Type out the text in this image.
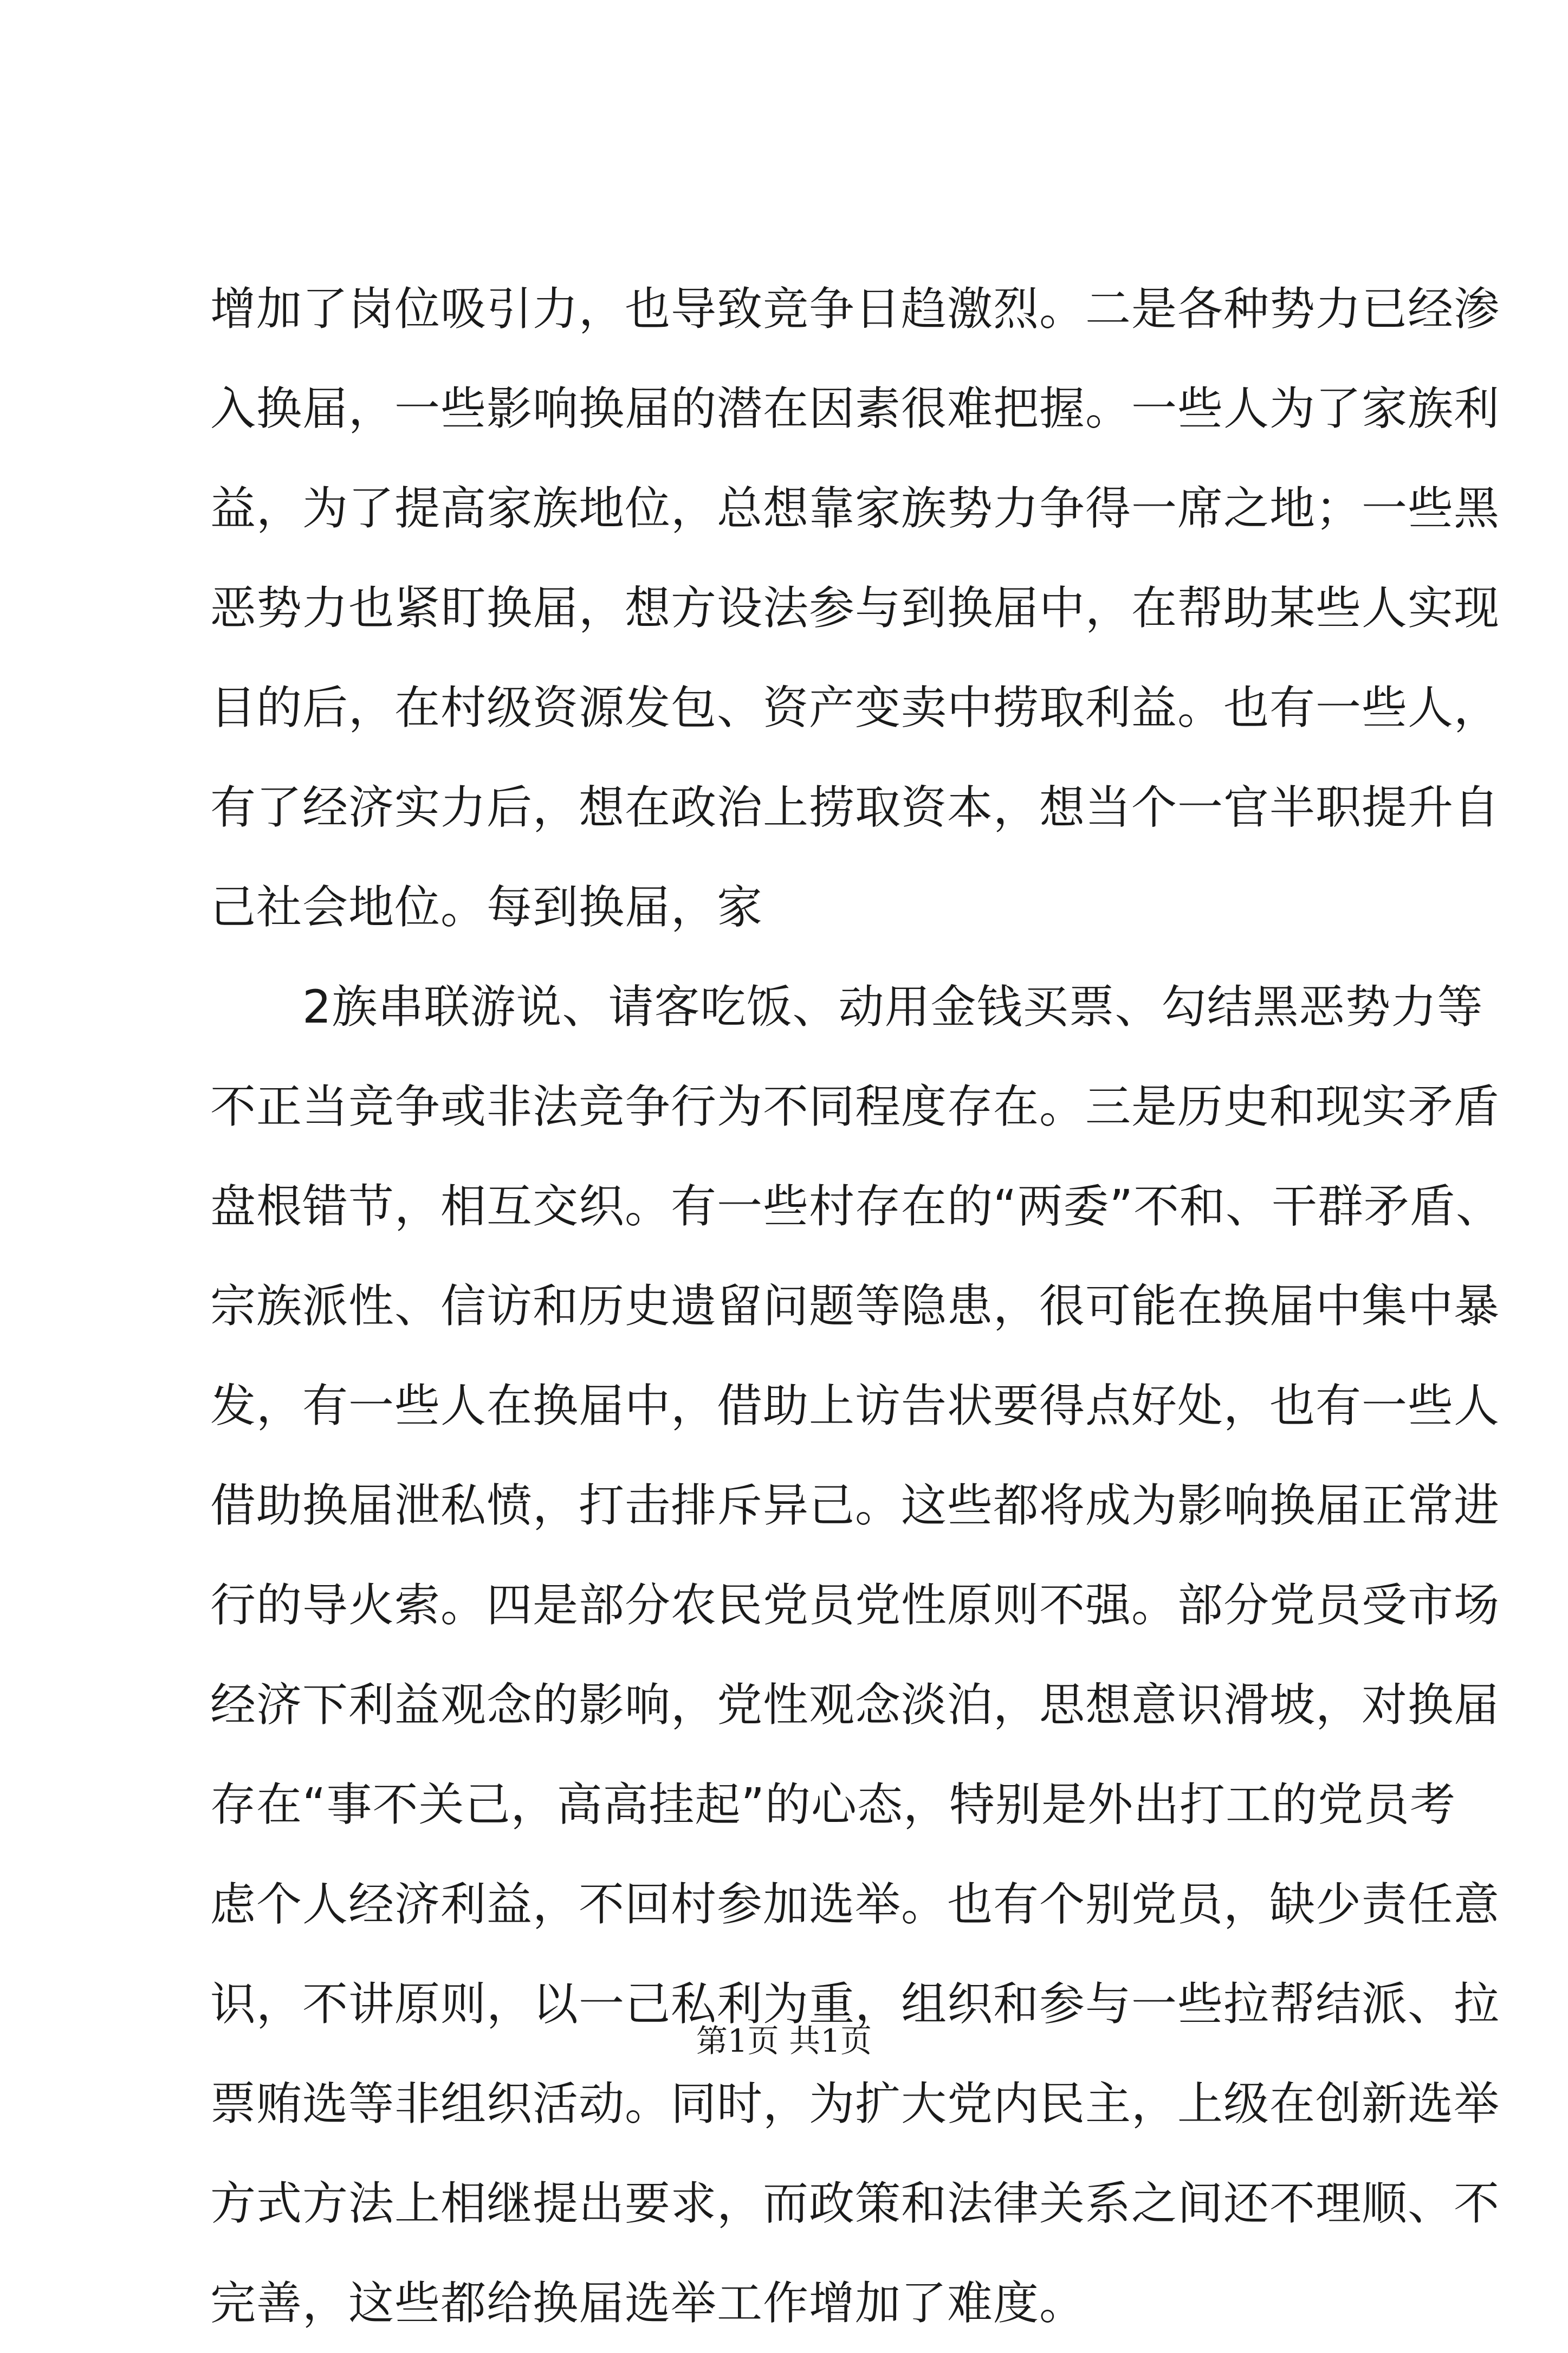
增加了岗位吸引力，也导致竞争日趋激烈。二是各种势力已经渗
入换届，一些影响换届的潜在因素很难把握。一些人为了家族利
益，为了提高家族地位，总想靠家族势力争得一席之地；一些黑
恶势力也紧盯换届，想方设法参与到换届中，在帮助某些人实现
目的后，在村级资源发包、资产变卖中捞取利益。也有一些人，
有了经济实力后，想在政治上捞取资本，想当个一官半职提升自
己社会地位。每到换届，家
2族串联游说、请客吃饭、动用金钱买票、勾结黑恶势力等
不正当竞争或非法竞争行为不同程度存在。三是历史和现实矛盾
盘根错节，相互交织。有一些村存在的“两委”不和、干群矛盾、
宗族派性、信访和历史遗留问题等隐患，很可能在换届中集中暴
发，有一些人在换届中，借助上访告状要得点好处，也有一些人
借助换届泄私愤，打击排斥异己。这些都将成为影响换届正常进
行的导火索。四是部分农民党员党性原则不强。部分党员受市场
经济下利益观念的影响，党性观念淡泊，思想意识滑坡，对换届
存在“事不关己，高高挂起”的心态，特别是外出打工的党员考
虑个人经济利益，不回村参加选举。也有个别党员，缺少责任意
识，不讲原则，以一己私利为重，组织和参与一些拉帮结派、拉
票贿选等非组织活动。同时，为扩大党内民主，上级在创新选举
方式方法上相继提出要求，而政策和法律关系之间还不理顺、不
完善，这些都给换届选举工作增加了难度。
第1页 共1页
